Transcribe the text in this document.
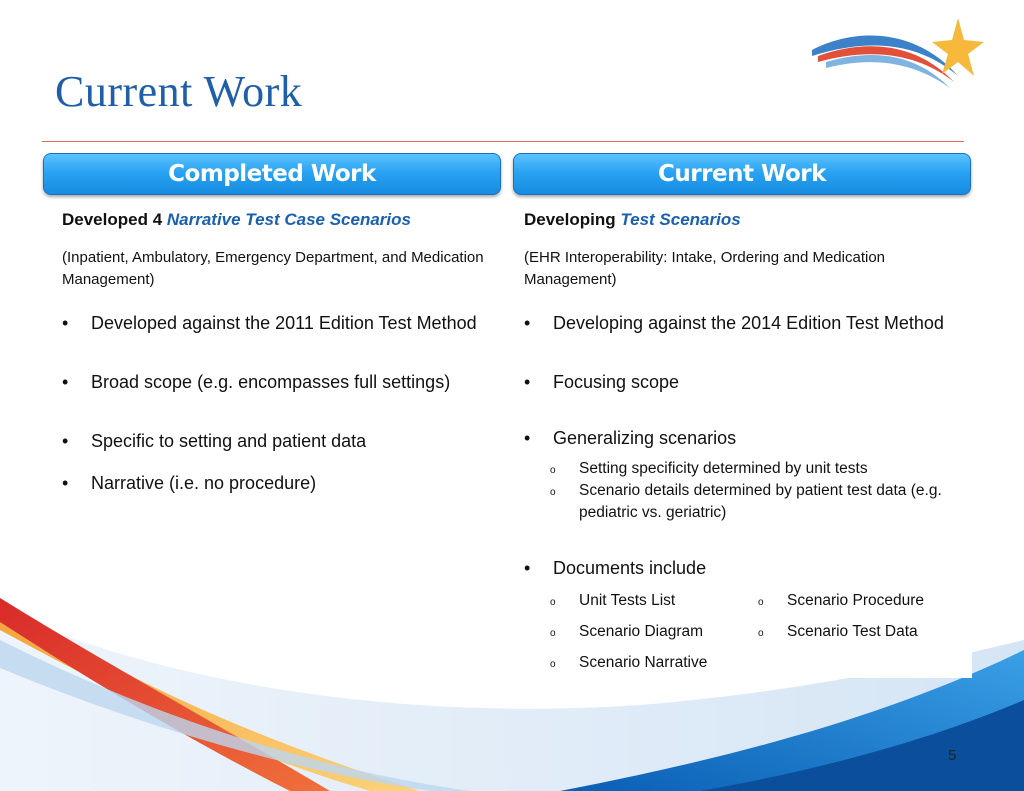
Current Work
Completed Work	Current Work
Developed 4 Narrative Test Case Scenarios
(Inpatient, Ambulatory, Emergency Department, and Medication Management)
• Developed against the 2011 Edition Test Method
• Broad scope (e.g. encompasses full settings)
• Specific to setting and patient data
• Narrative (i.e. no procedure)
Developing Test Scenarios
(EHR Interoperability: Intake, Ordering and Medication Management)
• Developing against the 2014 Edition Test Method
• Focusing scope
• Generalizing scenarios
o Setting specificity determined by unit tests
o Scenario details determined by patient test data (e.g. pediatric vs. geriatric)
• Documents include
o Unit Tests List	o Scenario Procedure
o Scenario Diagram	o Scenario Test Data
o Scenario Narrative
5
